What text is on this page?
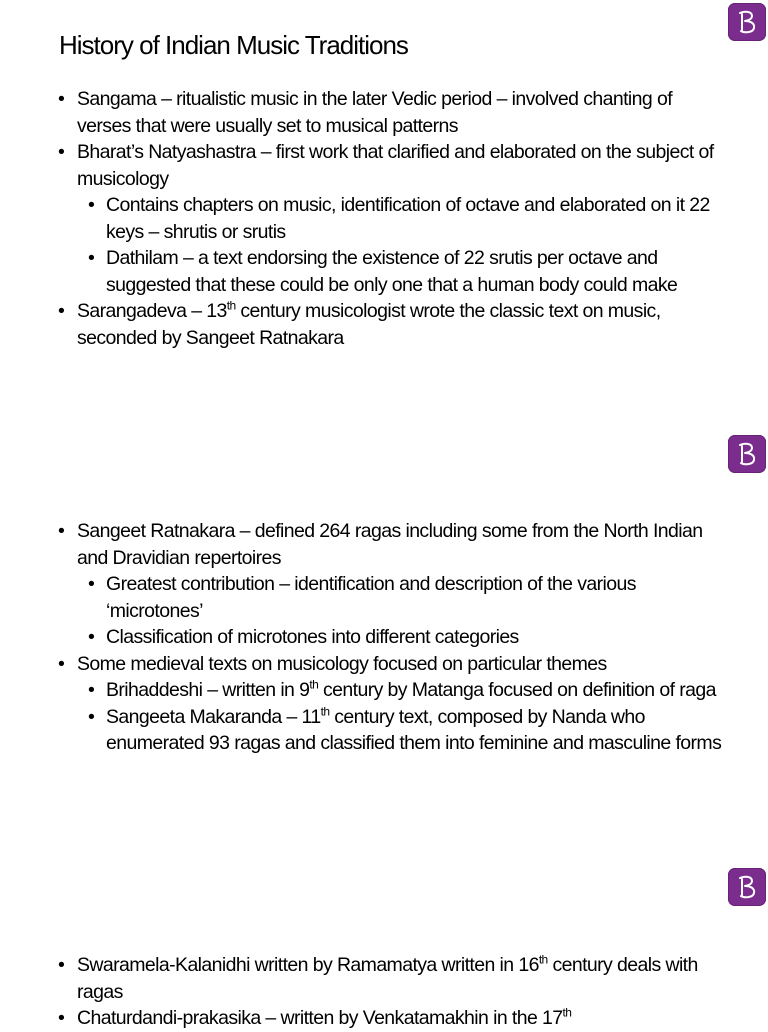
History of Indian Music Traditions
• Sangama – ritualistic music in the later Vedic period – involved chanting of verses that were usually set to musical patterns
• Bharat’s Natyashastra – first work that clarified and elaborated on the subject of musicology
• Contains chapters on music, identification of octave and elaborated on it 22 keys – shrutis or srutis
• Dathilam – a text endorsing the existence of 22 srutis per octave and suggested that these could be only one that a human body could make
• Sarangadeva – 13th century musicologist wrote the classic text on music, seconded by Sangeet Ratnakara
• Sangeet Ratnakara – defined 264 ragas including some from the North Indian and Dravidian repertoires
• Greatest contribution – identification and description of the various ‘microtones’
• Classification of microtones into different categories
• Some medieval texts on musicology focused on particular themes
• Brihaddeshi – written in 9th century by Matanga focused on definition of raga
• Sangeeta Makaranda – 11th century text, composed by Nanda who enumerated 93 ragas and classified them into feminine and masculine forms
• Swaramela-Kalanidhi written by Ramamatya written in 16th century deals with ragas
• Chaturdandi-prakasika – written by Venkatamakhin in the 17th
